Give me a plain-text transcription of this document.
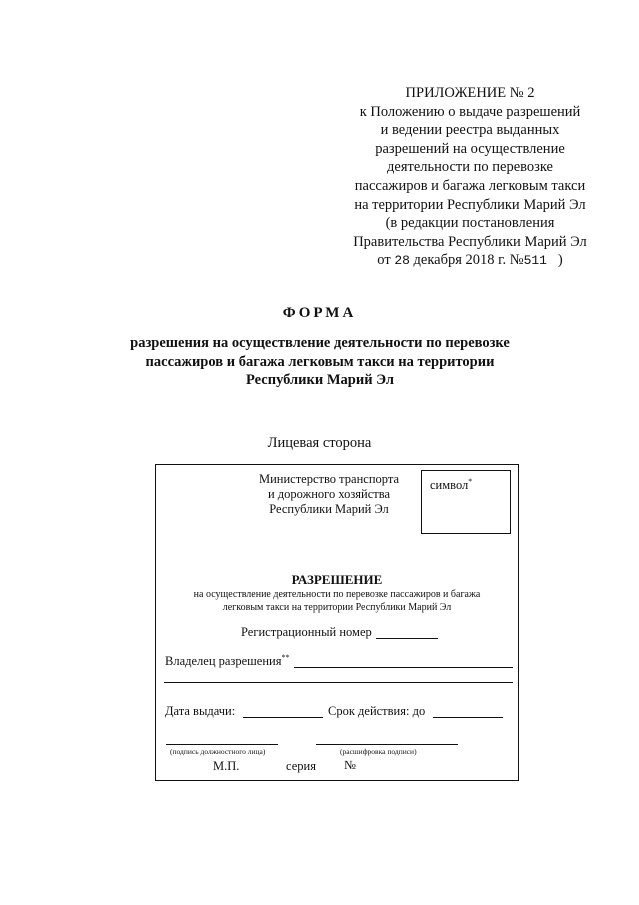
ПРИЛОЖЕНИЕ № 2
к Положению о выдаче разрешений
и ведении реестра выданных
разрешений на осуществление
деятельности по перевозке
пассажиров и багажа легковым такси
на территории Республики Марий Эл
(в редакции постановления
Правительства Республики Марий Эл
от 28 декабря 2018 г. №511 )
ФОРМА
разрешения на осуществление деятельности по перевозке
пассажиров и багажа легковым такси на территории
Республики Марий Эл
Лицевая сторона
Министерство транспорта
и дорожного хозяйства
Республики Марий Эл
символ*
РАЗРЕШЕНИЕ
на осуществление деятельности по перевозке пассажиров и багажа
легковым такси на территории Республики Марий Эл
Регистрационный номер
Владелец разрешения**
Дата выдачи:	Срок действия: до
(подпись должностного лица)	(расшифровка подписи)
М.П.	серия №
